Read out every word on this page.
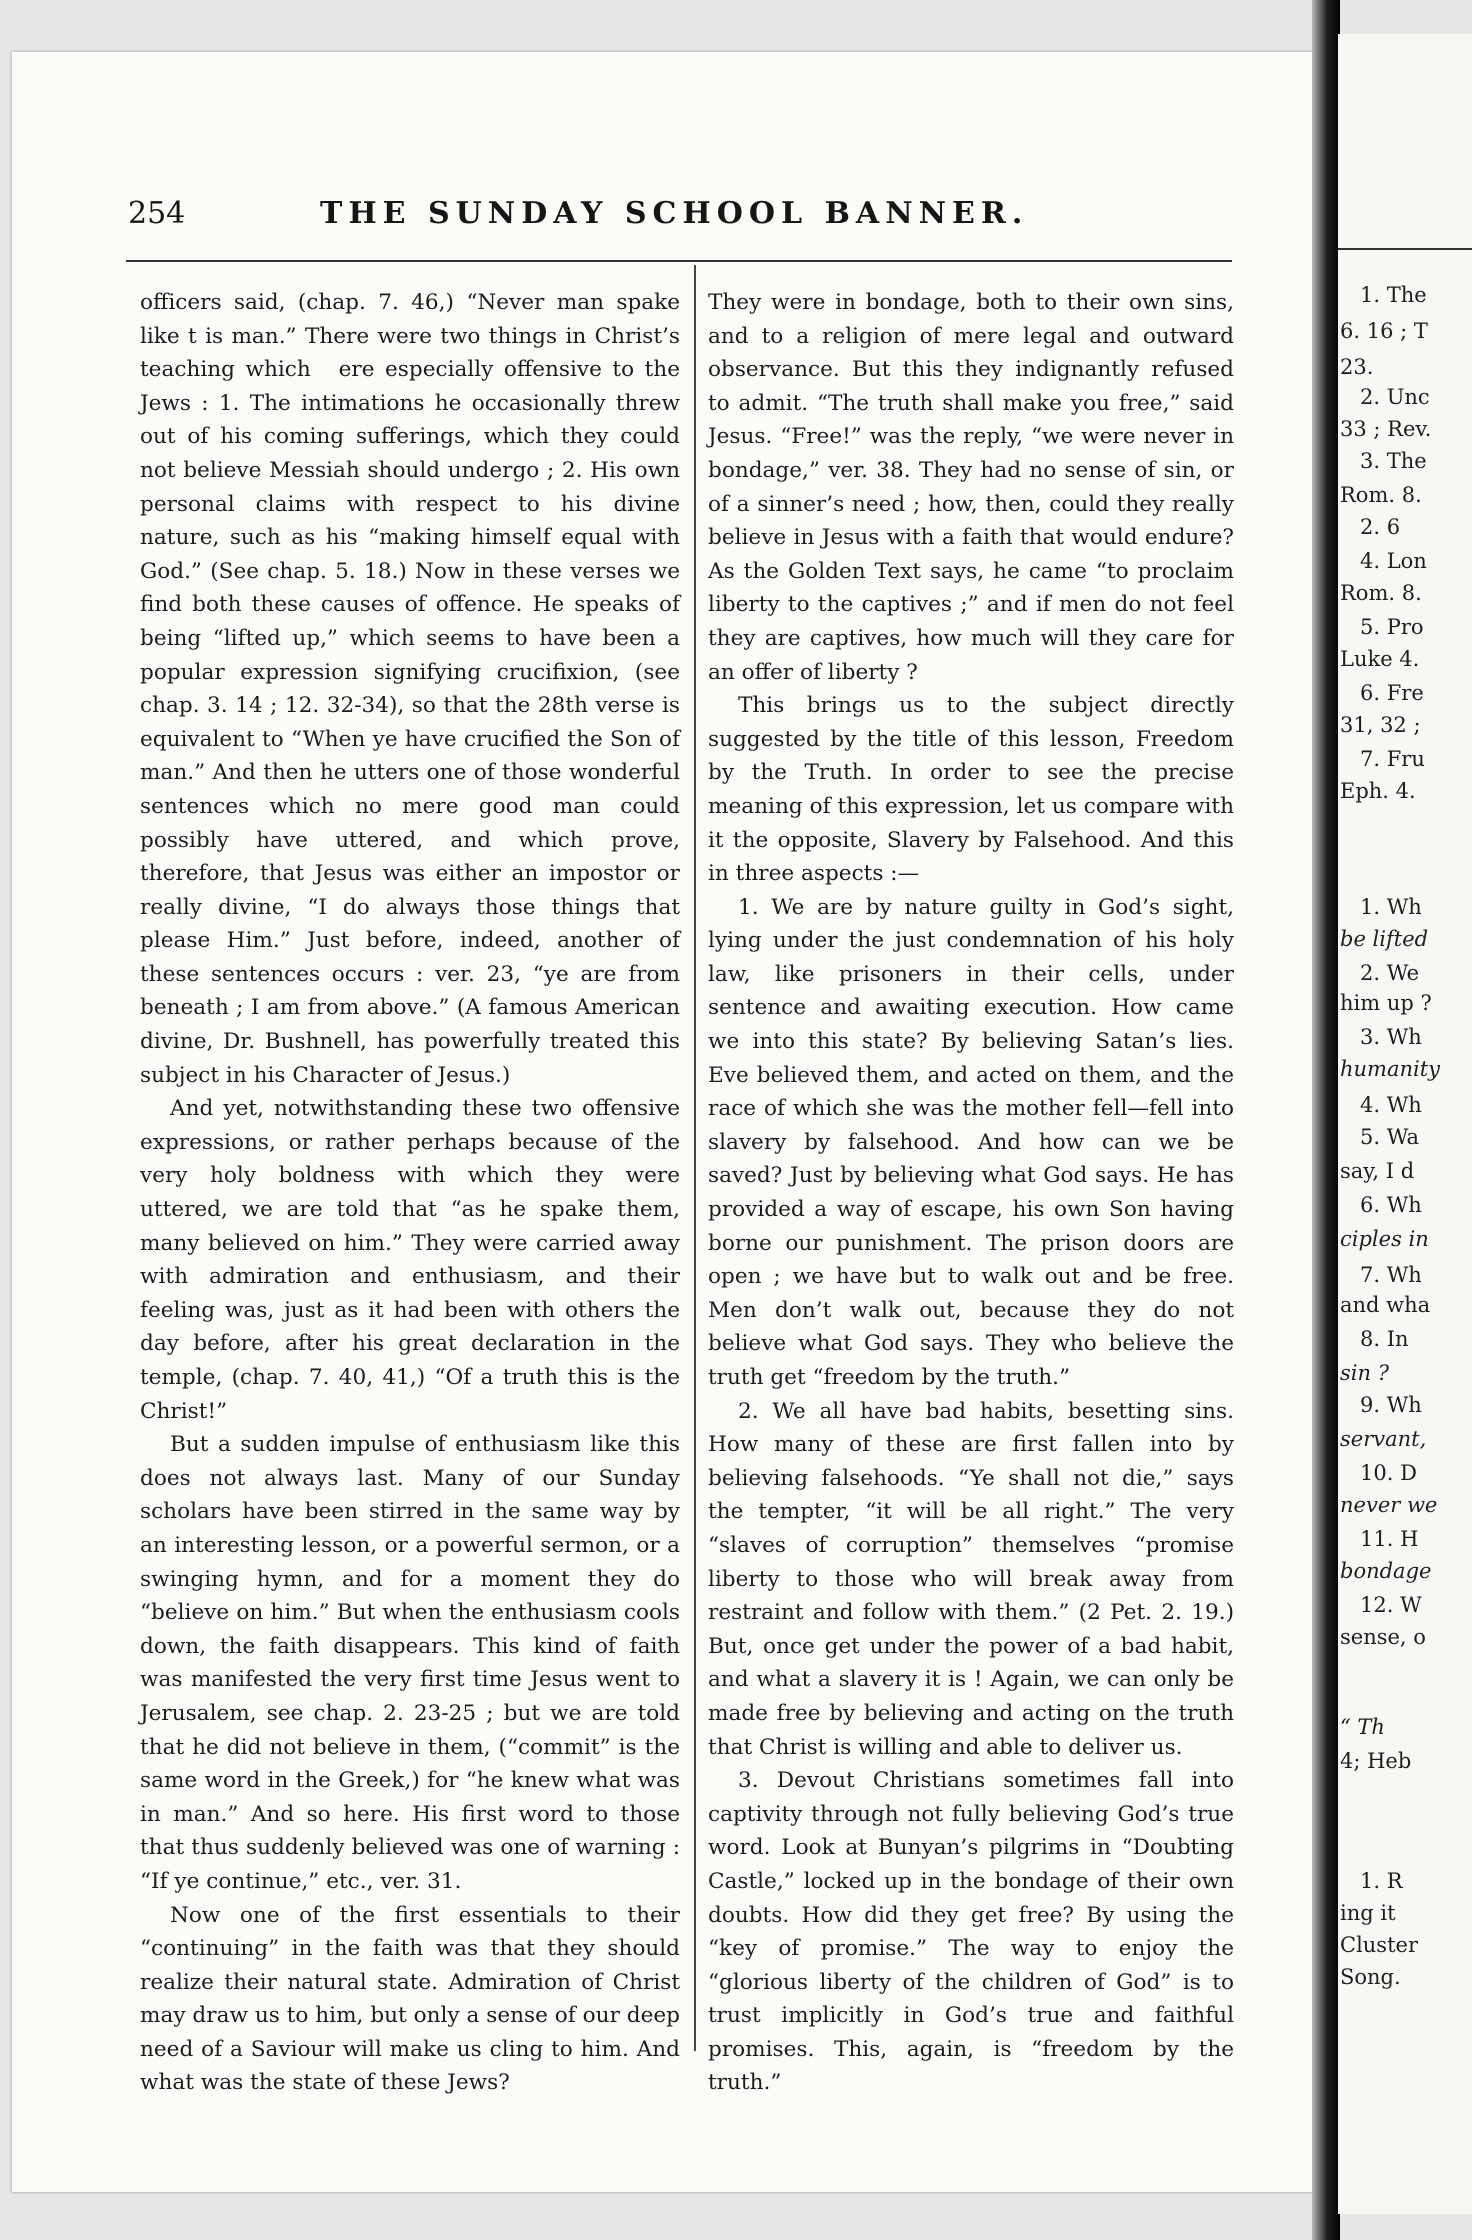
254	THE SUNDAY SCHOOL BANNER.

officers said, (chap. 7. 46,) “Never man spake like t is man.” There were two things in Christ’s teaching which ere especially offensive to the Jews : 1. The intimations he occasionally threw out of his coming sufferings, which they could not believe Messiah should undergo ; 2. His own personal claims with respect to his divine nature, such as his “making himself equal with God.” (See chap. 5. 18.) Now in these verses we find both these causes of offence. He speaks of being “lifted up,” which seems to have been a popular expression signifying crucifixion, (see chap. 3. 14 ; 12. 32-34), so that the 28th verse is equivalent to “When ye have crucified the Son of man.” And then he utters one of those wonderful sentences which no mere good man could possibly have uttered, and which prove, therefore, that Jesus was either an impostor or really divine, “I do always those things that please Him.” Just before, indeed, another of these sentences occurs : ver. 23, “ye are from beneath ; I am from above.” (A famous American divine, Dr. Bushnell, has powerfully treated this subject in his Character of Jesus.)

And yet, notwithstanding these two offensive expressions, or rather perhaps because of the very holy boldness with which they were uttered, we are told that “as he spake them, many believed on him.” They were carried away with admiration and enthusiasm, and their feeling was, just as it had been with others the day before, after his great declaration in the temple, (chap. 7. 40, 41,) “Of a truth this is the Christ!”

But a sudden impulse of enthusiasm like this does not always last. Many of our Sunday scholars have been stirred in the same way by an interesting lesson, or a powerful sermon, or a swinging hymn, and for a moment they do “believe on him.” But when the enthusiasm cools down, the faith disappears. This kind of faith was manifested the very first time Jesus went to Jerusalem, see chap. 2. 23-25 ; but we are told that he did not believe in them, (“commit” is the same word in the Greek,) for “he knew what was in man.” And so here. His first word to those that thus suddenly believed was one of warning : “If ye continue,” etc., ver. 31.

Now one of the first essentials to their “continuing” in the faith was that they should realize their natural state. Admiration of Christ may draw us to him, but only a sense of our deep need of a Saviour will make us cling to him. And what was the state of these Jews?

They were in bondage, both to their own sins, and to a religion of mere legal and outward observance. But this they indignantly refused to admit. “The truth shall make you free,” said Jesus. “Free!” was the reply, “we were never in bondage,” ver. 38. They had no sense of sin, or of a sinner’s need ; how, then, could they really believe in Jesus with a faith that would endure? As the Golden Text says, he came “to proclaim liberty to the captives ;” and if men do not feel they are captives, how much will they care for an offer of liberty ?

This brings us to the subject directly suggested by the title of this lesson, Freedom by the Truth. In order to see the precise meaning of this expression, let us compare with it the opposite, Slavery by Falsehood. And this in three aspects :—

1. We are by nature guilty in God’s sight, lying under the just condemnation of his holy law, like prisoners in their cells, under sentence and awaiting execution. How came we into this state? By believing Satan’s lies. Eve believed them, and acted on them, and the race of which she was the mother fell—fell into slavery by falsehood. And how can we be saved? Just by believing what God says. He has provided a way of escape, his own Son having borne our punishment. The prison doors are open ; we have but to walk out and be free. Men don’t walk out, because they do not believe what God says. They who believe the truth get “freedom by the truth.”

2. We all have bad habits, besetting sins. How many of these are first fallen into by believing falsehoods. “Ye shall not die,” says the tempter, “it will be all right.” The very “slaves of corruption” themselves “promise liberty to those who will break away from restraint and follow with them.” (2 Pet. 2. 19.) But, once get under the power of a bad habit, and what a slavery it is ! Again, we can only be made free by believing and acting on the truth that Christ is willing and able to deliver us.

3. Devout Christians sometimes fall into captivity through not fully believing God’s true word. Look at Bunyan’s pilgrims in “Doubting Castle,” locked up in the bondage of their own doubts. How did they get free? By using the “key of promise.” The way to enjoy the “glorious liberty of the children of God” is to trust implicitly in God’s true and faithful promises. This, again, is “freedom by the truth.”

1. The
6. 16 ; T
23.
2. Unc
33 ; Rev.
3. The
Rom. 8.
2. 6
4. Lon
Rom. 8.
5. Pro
Luke 4.
6. Fre
31, 32 ;
7. Fru
Eph. 4.
1. Wh
be lifted
2. We
him up ?
3. Wh
humanity
4. Wh
5. Wa
say, I d
6. Wh
ciples in
7. Wh
and wha
8. In
sin ?
9. Wh
servant,
10. D
never we
11. H
bondage
12. W
sense, o
“ Th
4; Heb
1. R
ing it
Cluster
Song.
